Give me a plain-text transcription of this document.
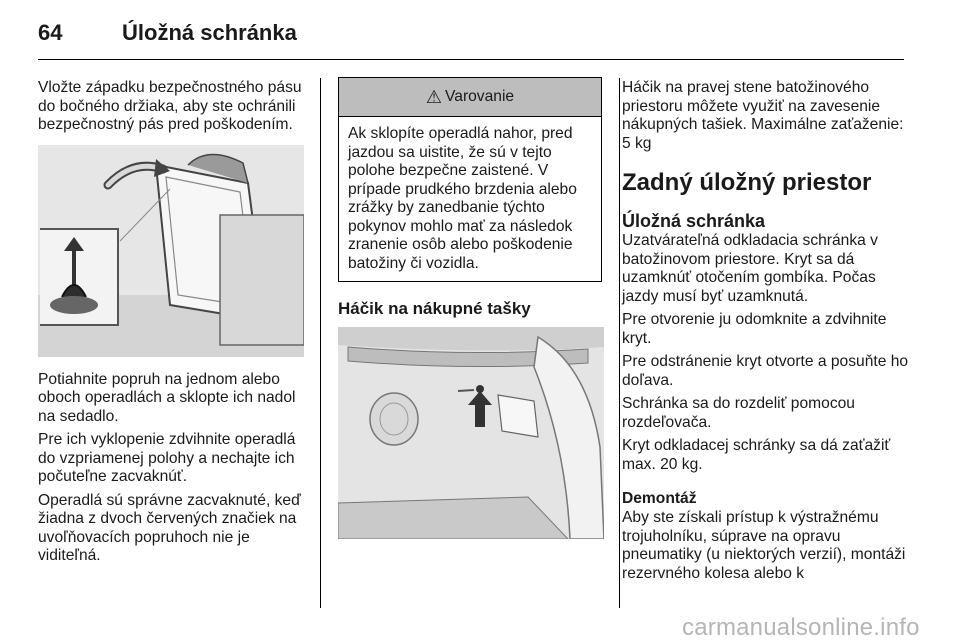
64	Úložná schránka

Vložte západku bezpečnostného pásu do bočného držiaka, aby ste ochránili bezpečnostný pás pred poškodením.

Potiahnite popruh na jednom alebo oboch operadlách a sklopte ich nadol na sedadlo.

Pre ich vyklopenie zdvihnite operadlá do vzpriamenej polohy a nechajte ich počuteľne zacvaknúť.

Operadlá sú správne zacvaknuté, keď žiadna z dvoch červených značiek na uvoľňovacích popruhoch nie je viditeľná.

⚠ Varovanie
Ak sklopíte operadlá nahor, pred jazdou sa uistite, že sú v tejto polohe bezpečne zaistené. V prípade prudkého brzdenia alebo zrážky by zanedbanie týchto pokynov mohlo mať za následok zranenie osôb alebo poškodenie batožiny či vozidla.

Háčik na nákupné tašky

Háčik na pravej stene batožinového priestoru môžete využiť na zavesenie nákupných tašiek. Maximálne zaťaženie: 5 kg

Zadný úložný priestor

Úložná schránka

Uzatvárateľná odkladacia schránka v batožinovom priestore. Kryt sa dá uzamknúť otočením gombíka. Počas jazdy musí byť uzamknutá.

Pre otvorenie ju odomknite a zdvihnite kryt.

Pre odstránenie kryt otvorte a posuňte ho doľava.

Schránka sa do rozdeliť pomocou rozdeľovača.

Kryt odkladacej schránky sa dá zaťažiť max. 20 kg.

Demontáž

Aby ste získali prístup k výstražnému trojuholníku, súprave na opravu pneumatiky (u niektorých verzií), montáži rezervného kolesa alebo k

carmanualsonline.info
